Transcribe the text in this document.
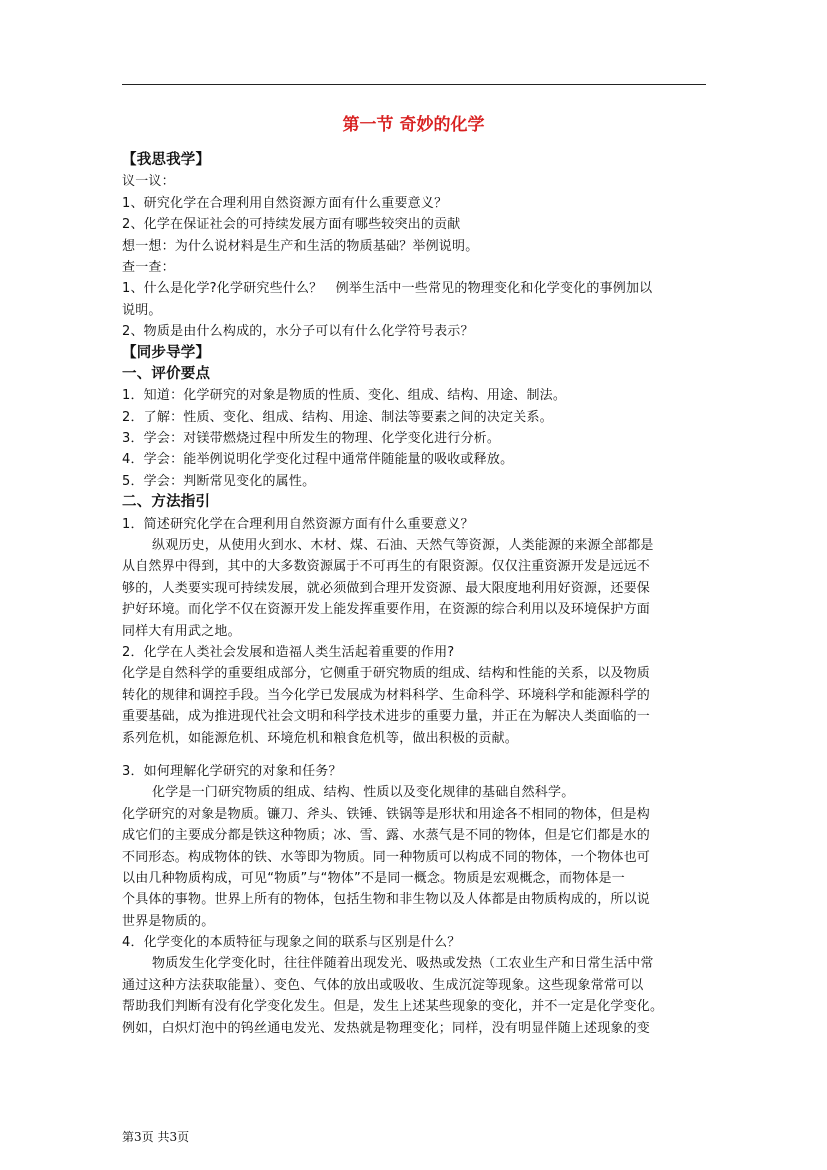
第一节 奇妙的化学
【我思我学】
议一议：
1、研究化学在合理利用自然资源方面有什么重要意义？
2、化学在保证社会的可持续发展方面有哪些较突出的贡献
想一想：为什么说材料是生产和生活的物质基础？举例说明。
查一查：
1、什么是化学?化学研究些什么？　例举生活中一些常见的物理变化和化学变化的事例加以
说明。
2、物质是由什么构成的，水分子可以有什么化学符号表示？
【同步导学】
一、评价要点
1．知道：化学研究的对象是物质的性质、变化、组成、结构、用途、制法。
2．了解：性质、变化、组成、结构、用途、制法等要素之间的决定关系。
3．学会：对镁带燃烧过程中所发生的物理、化学变化进行分析。
4．学会：能举例说明化学变化过程中通常伴随能量的吸收或释放。
5．学会：判断常见变化的属性。
二、方法指引
1．简述研究化学在合理利用自然资源方面有什么重要意义？
纵观历史，从使用火到水、木材、煤、石油、天然气等资源，人类能源的来源全部都是
从自然界中得到，其中的大多数资源属于不可再生的有限资源。仅仅注重资源开发是远远不
够的，人类要实现可持续发展，就必须做到合理开发资源、最大限度地利用好资源，还要保
护好环境。而化学不仅在资源开发上能发挥重要作用，在资源的综合利用以及环境保护方面
同样大有用武之地。
2．化学在人类社会发展和造福人类生活起着重要的作用?
化学是自然科学的重要组成部分，它侧重于研究物质的组成、结构和性能的关系，以及物质
转化的规律和调控手段。当今化学已发展成为材料科学、生命科学、环境科学和能源科学的
重要基础，成为推进现代社会文明和科学技术进步的重要力量，并正在为解决人类面临的一
系列危机，如能源危机、环境危机和粮食危机等，做出积极的贡献。
3．如何理解化学研究的对象和任务？
化学是一门研究物质的组成、结构、性质以及变化规律的基础自然科学。
化学研究的对象是物质。镰刀、斧头、铁锤、铁锅等是形状和用途各不相同的物体，但是构
成它们的主要成分都是铁这种物质；冰、雪、露、水蒸气是不同的物体，但是它们都是水的
不同形态。构成物体的铁、水等即为物质。同一种物质可以构成不同的物体，一个物体也可
以由几种物质构成，可见“物质”与“物体”不是同一概念。物质是宏观概念，而物体是一
个具体的事物。世界上所有的物体，包括生物和非生物以及人体都是由物质构成的，所以说
世界是物质的。
4．化学变化的本质特征与现象之间的联系与区别是什么？
物质发生化学变化时，往往伴随着出现发光、吸热或发热（工农业生产和日常生活中常
通过这种方法获取能量）、变色、气体的放出或吸收、生成沉淀等现象。这些现象常常可以
帮助我们判断有没有化学变化发生。但是，发生上述某些现象的变化，并不一定是化学变化。
例如，白炽灯泡中的钨丝通电发光、发热就是物理变化；同样，没有明显伴随上述现象的变
第3页 共3页
